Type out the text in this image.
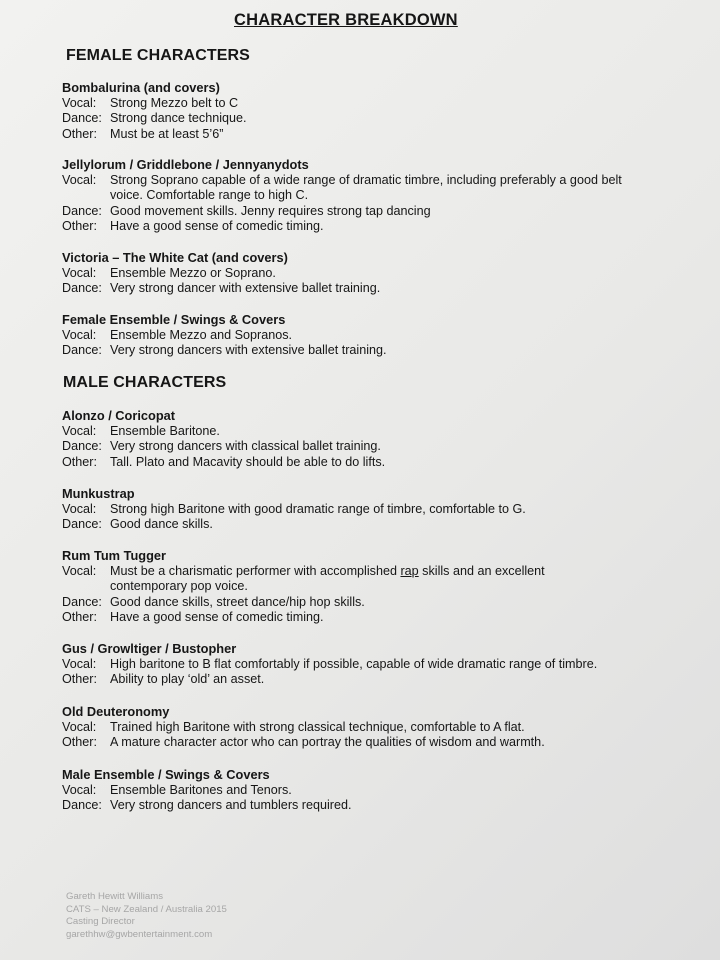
​
CHARACTER BREAKDOWN
FEMALE CHARACTERS
Bombalurina (and covers)
Vocal:	Strong Mezzo belt to C
Dance: Strong dance technique.
Other:	Must be at least 5’6”
Jellylorum / Griddlebone / Jennyanydots
Vocal:	Strong Soprano capable of a wide range of dramatic timbre, including preferably a good belt voice. Comfortable range to high C.
Dance: Good movement skills. Jenny requires strong tap dancing
Other:	Have a good sense of comedic timing.
Victoria – The White Cat (and covers)
Vocal:	Ensemble Mezzo or Soprano.
Dance: Very strong dancer with extensive ballet training.
Female Ensemble / Swings & Covers
Vocal:	Ensemble Mezzo and Sopranos.
Dance: Very strong dancers with extensive ballet training.
MALE CHARACTERS
Alonzo / Coricopat
Vocal:	Ensemble Baritone.
Dance: Very strong dancers with classical ballet training.
Other:	Tall. Plato and Macavity should be able to do lifts.
Munkustrap
Vocal:	Strong high Baritone with good dramatic range of timbre, comfortable to G.
Dance: Good dance skills.
Rum Tum Tugger
Vocal:	Must be a charismatic performer with accomplished rap skills and an excellent contemporary pop voice.
Dance: Good dance skills, street dance/hip hop skills.
Other:	Have a good sense of comedic timing.
Gus / Growltiger / Bustopher
Vocal:	High baritone to B flat comfortably if possible, capable of wide dramatic range of timbre.
Other:	Ability to play ‘old’ an asset.
Old Deuteronomy
Vocal:	Trained high Baritone with strong classical technique, comfortable to A flat.
Other:	A mature character actor who can portray the qualities of wisdom and warmth.
Male Ensemble / Swings & Covers
Vocal:	Ensemble Baritones and Tenors.
Dance: Very strong dancers and tumblers required.
Gareth Hewitt Williams
CATS – New Zealand / Australia 2015
Casting Director
garethhw@gwbentertainment.com
